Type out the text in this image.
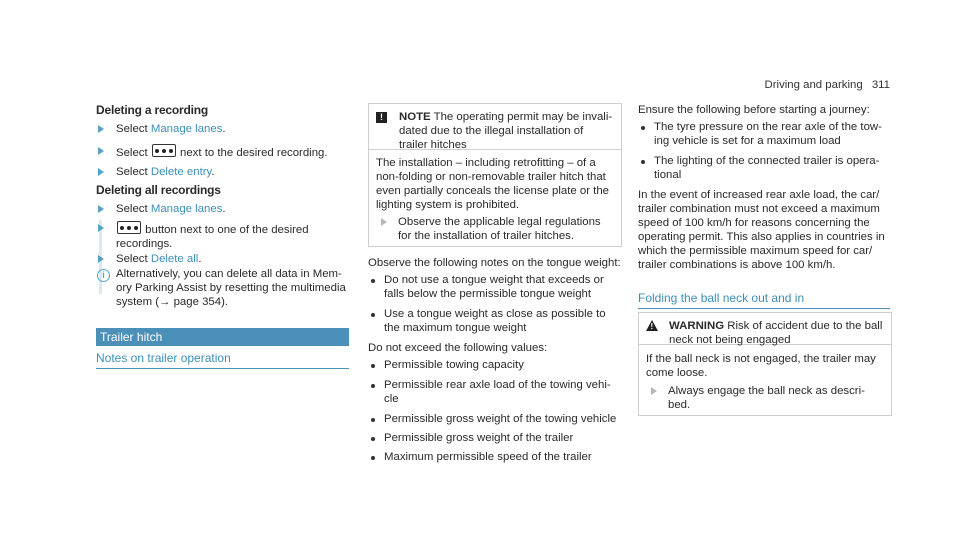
Driving and parking 311
Deleting a recording
Select Manage lanes.
Select	next to the desired recording.
Select Delete entry.
Deleting all recordings
Select Manage lanes.
button next to one of the desired
recordings.
Select Delete all.
i Alternatively, you can delete all data in Mem-
ory Parking Assist by resetting the multimedia
system (→ page 354).
Trailer hitch
Notes on trailer operation
!	NOTE The operating permit may be invali-
dated due to the illegal installation of
trailer hitches
The installation – including retrofitting – of a
non-folding or non-removable trailer hitch that
even partially conceals the license plate or the
lighting system is prohibited.
Observe the applicable legal regulations
for the installation of trailer hitches.
Observe the following notes on the tongue weight:
Do not use a tongue weight that exceeds or
falls below the permissible tongue weight
Use a tongue weight as close as possible to
the maximum tongue weight
Do not exceed the following values:
Permissible towing capacity
Permissible rear axle load of the towing vehi-
cle
Permissible gross weight of the towing vehicle
Permissible gross weight of the trailer
Maximum permissible speed of the trailer
Ensure the following before starting a journey:
The tyre pressure on the rear axle of the tow-
ing vehicle is set for a maximum load
The lighting of the connected trailer is opera-
tional
In the event of increased rear axle load, the car/
trailer combination must not exceed a maximum
speed of 100 km/h for reasons concerning the
operating permit. This also applies in countries in
which the permissible maximum speed for car/
trailer combinations is above 100 km/h.
Folding the ball neck out and in
! WARNING Risk of accident due to the ball
neck not being engaged
If the ball neck is not engaged, the trailer may
come loose.
Always engage the ball neck as descri-
bed.
